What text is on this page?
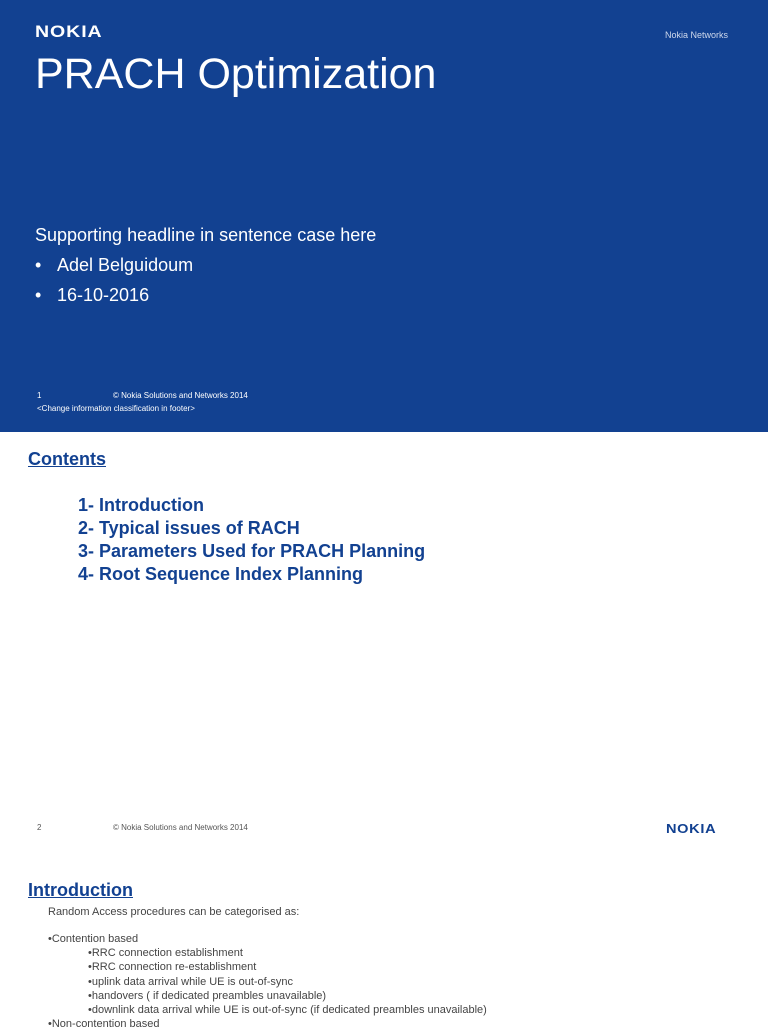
NOKIA	Nokia Networks
PRACH Optimization
Supporting headline in sentence case here
• Adel Belguidoum
• 16-10-2016
1	© Nokia Solutions and Networks 2014
<Change information classification in footer>
Contents
1- Introduction
2- Typical issues of RACH
3- Parameters Used for PRACH Planning
4- Root Sequence Index Planning
2	© Nokia Solutions and Networks 2014	NOKIA
Introduction
Random Access procedures can be categorised as:
•Contention based
•RRC connection establishment
•RRC connection re-establishment
•uplink data arrival while UE is out-of-sync
•handovers ( if dedicated preambles unavailable)
•downlink data arrival while UE is out-of-sync (if dedicated preambles unavailable)
•Non-contention based
